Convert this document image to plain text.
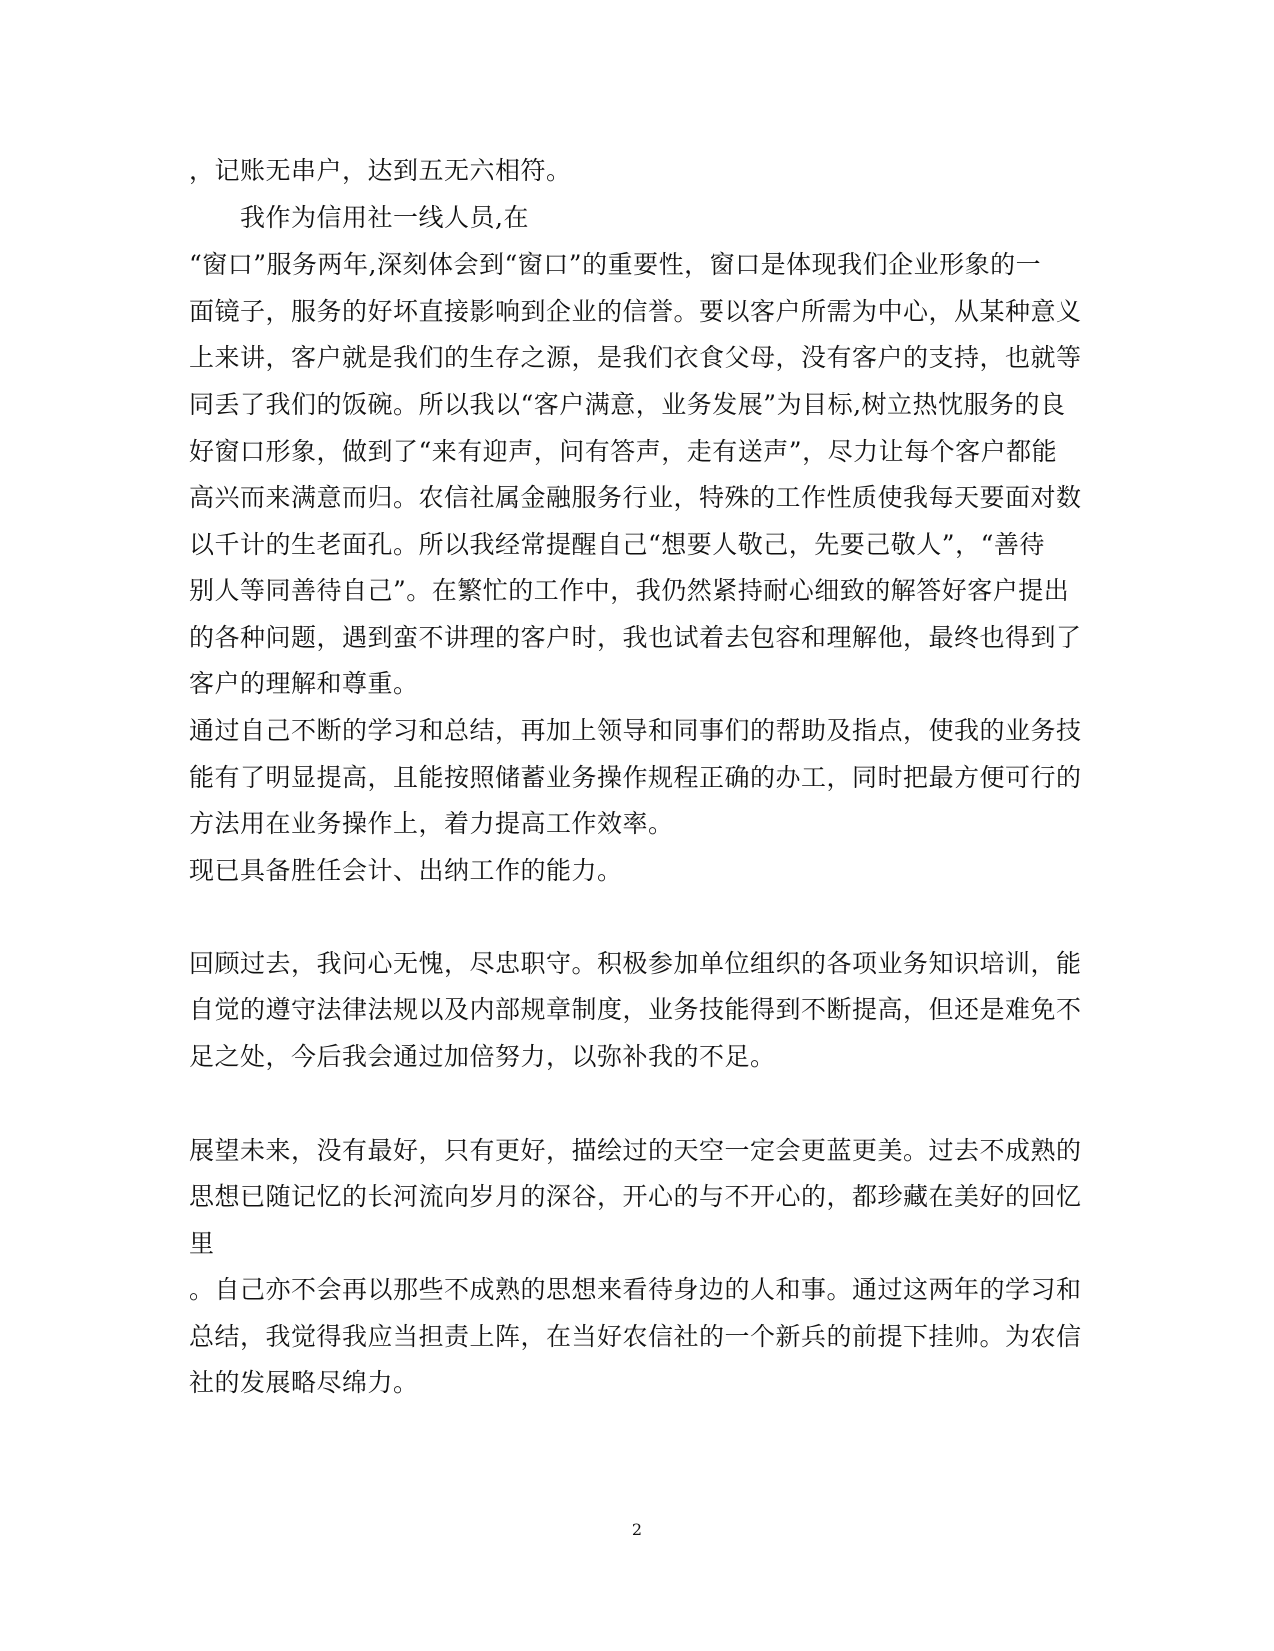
，记账无串户，达到五无六相符。
我作为信用社一线人员,在
“窗口”服务两年,深刻体会到“窗口”的重要性，窗口是体现我们企业形象的一
面镜子，服务的好坏直接影响到企业的信誉。要以客户所需为中心，从某种意义
上来讲，客户就是我们的生存之源，是我们衣食父母，没有客户的支持，也就等
同丢了我们的饭碗。所以我以“客户满意，业务发展”为目标,树立热忱服务的良
好窗口形象，做到了“来有迎声，问有答声，走有送声”，尽力让每个客户都能
高兴而来满意而归。农信社属金融服务行业，特殊的工作性质使我每天要面对数
以千计的生老面孔。所以我经常提醒自己“想要人敬己，先要己敬人”，“善待
别人等同善待自己”。在繁忙的工作中，我仍然紧持耐心细致的解答好客户提出
的各种问题，遇到蛮不讲理的客户时，我也试着去包容和理解他，最终也得到了
客户的理解和尊重。
通过自己不断的学习和总结，再加上领导和同事们的帮助及指点，使我的业务技
能有了明显提高，且能按照储蓄业务操作规程正确的办工，同时把最方便可行的
方法用在业务操作上，着力提高工作效率。
现已具备胜任会计、出纳工作的能力。
回顾过去，我问心无愧，尽忠职守。积极参加单位组织的各项业务知识培训，能
自觉的遵守法律法规以及内部规章制度，业务技能得到不断提高，但还是难免不
足之处，今后我会通过加倍努力，以弥补我的不足。
展望未来，没有最好，只有更好，描绘过的天空一定会更蓝更美。过去不成熟的
思想已随记忆的长河流向岁月的深谷，开心的与不开心的，都珍藏在美好的回忆
里
。自己亦不会再以那些不成熟的思想来看待身边的人和事。通过这两年的学习和
总结，我觉得我应当担责上阵，在当好农信社的一个新兵的前提下挂帅。为农信
社的发展略尽绵力。
2
